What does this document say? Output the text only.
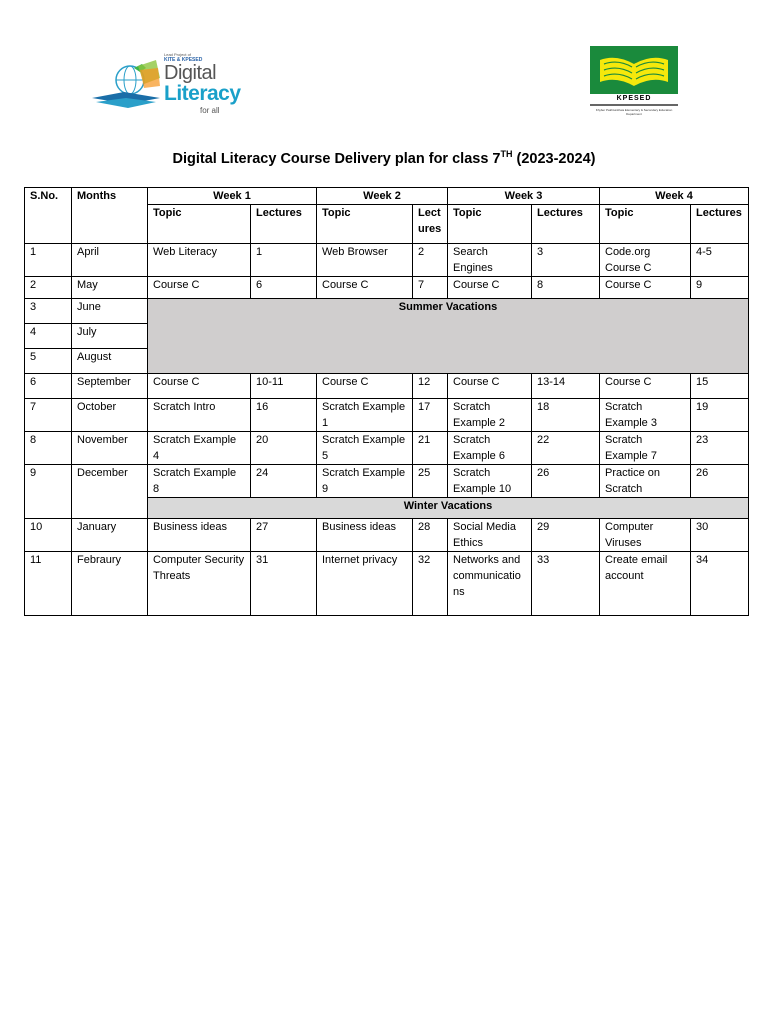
Lead Project of
KITE & KPESED
Digital
Literacy
for all
KPESED
Khyber Pakhtunkhwa Elementary & Secondary Education Department
Digital Literacy Course Delivery plan for class 7TH (2023-2024)
S.No.	Months	Week 1		Week 2		Week 3		Week 4	
		Topic	Lectures	Topic	Lectures	Topic	Lectures	Topic	Lectures
1	April	Web Literacy	1	Web Browser	2	Search Engines	3	Code.org Course C	4-5
2	May	Course C	6	Course C	7	Course C	8	Course C	9
3	June	Summer Vacations							
4	July								
5	August								
6	September	Course C	10-11	Course C	12	Course C	13-14	Course C	15
7	October	Scratch Intro	16	Scratch Example 1	17	Scratch Example 2	18	Scratch Example 3	19
8	November	Scratch Example 4	20	Scratch Example 5	21	Scratch Example 6	22	Scratch Example 7	23
9	December	Scratch Example 8	24	Scratch Example 9	25	Scratch Example 10	26	Practice on Scratch	26
		Winter Vacations							
10	January	Business ideas	27	Business ideas	28	Social Media Ethics	29	Computer Viruses	30
11	Febraury	Computer Security Threats	31	Internet privacy	32	Networks and communications	33	Create email account	34
